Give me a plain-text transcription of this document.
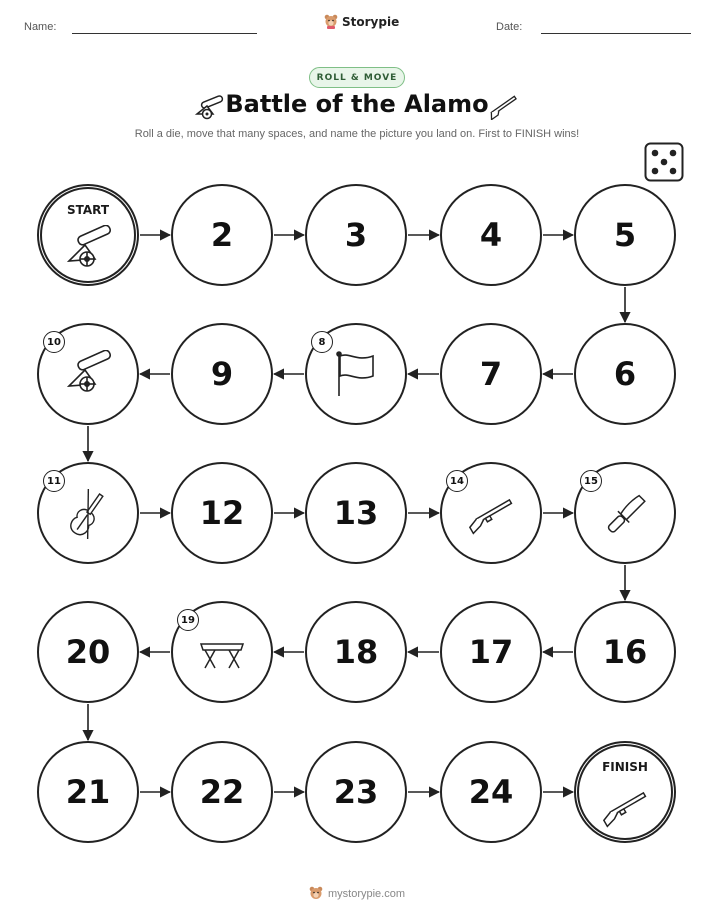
Name:	Storypie	Date:
ROLL & MOVE
Battle of the Alamo
Roll a die, move that many spaces, and name the picture you land on. First to FINISH wins!
START
2	3	4	5
6
7
8
9
10
11
12	13
14	15
16
17
18
19
20
21	22	23	24
FINISH
mystorypie.com
